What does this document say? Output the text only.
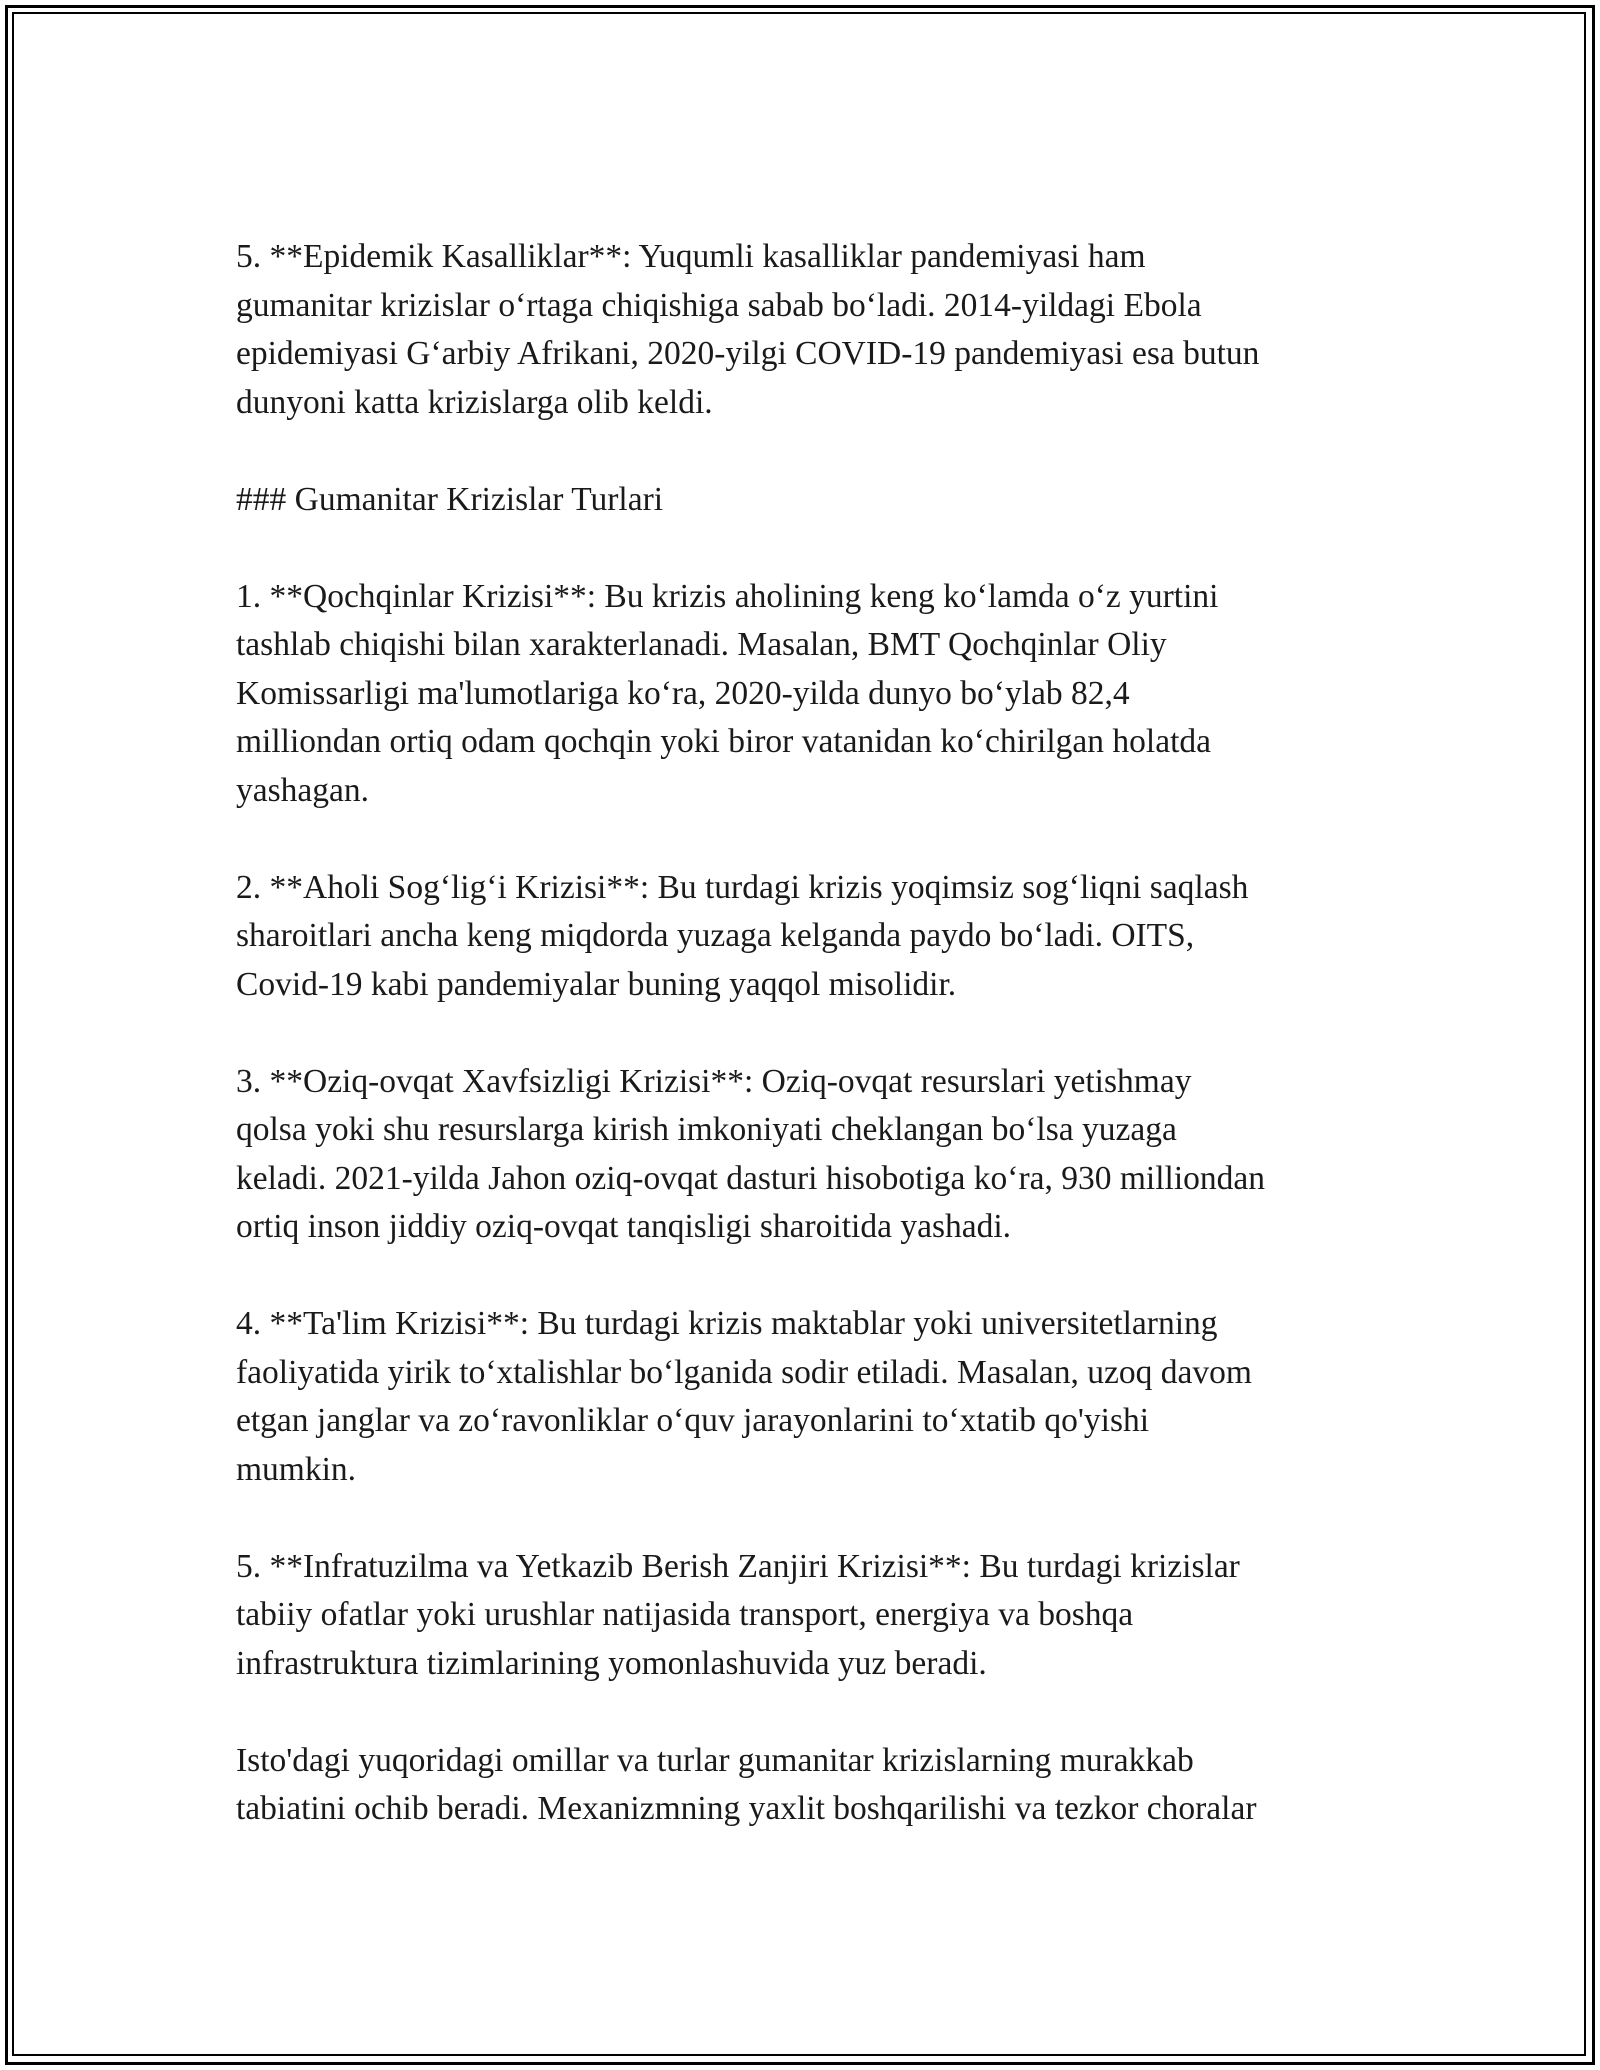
5. **Epidemik Kasalliklar**: Yuqumli kasalliklar pandemiyasi ham
gumanitar krizislar o‘rtaga chiqishiga sabab bo‘ladi. 2014-yildagi Ebola
epidemiyasi G‘arbiy Afrikani, 2020-yilgi COVID-19 pandemiyasi esa butun
dunyoni katta krizislarga olib keldi.

### Gumanitar Krizislar Turlari

1. **Qochqinlar Krizisi**: Bu krizis aholining keng ko‘lamda o‘z yurtini
tashlab chiqishi bilan xarakterlanadi. Masalan, BMT Qochqinlar Oliy
Komissarligi ma'lumotlariga ko‘ra, 2020-yilda dunyo bo‘ylab 82,4
milliondan ortiq odam qochqin yoki biror vatanidan ko‘chirilgan holatda
yashagan.

2. **Aholi Sog‘lig‘i Krizisi**: Bu turdagi krizis yoqimsiz sog‘liqni saqlash
sharoitlari ancha keng miqdorda yuzaga kelganda paydo bo‘ladi. OITS,
Covid-19 kabi pandemiyalar buning yaqqol misolidir.

3. **Oziq-ovqat Xavfsizligi Krizisi**: Oziq-ovqat resurslari yetishmay
qolsa yoki shu resurslarga kirish imkoniyati cheklangan bo‘lsa yuzaga
keladi. 2021-yilda Jahon oziq-ovqat dasturi hisobotiga ko‘ra, 930 milliondan
ortiq inson jiddiy oziq-ovqat tanqisligi sharoitida yashadi.

4. **Ta'lim Krizisi**: Bu turdagi krizis maktablar yoki universitetlarning
faoliyatida yirik to‘xtalishlar bo‘lganida sodir etiladi. Masalan, uzoq davom
etgan janglar va zo‘ravonliklar o‘quv jarayonlarini to‘xtatib qo'yishi
mumkin.

5. **Infratuzilma va Yetkazib Berish Zanjiri Krizisi**: Bu turdagi krizislar
tabiiy ofatlar yoki urushlar natijasida transport, energiya va boshqa
infrastruktura tizimlarining yomonlashuvida yuz beradi.

Isto'dagi yuqoridagi omillar va turlar gumanitar krizislarning murakkab
tabiatini ochib beradi. Mexanizmning yaxlit boshqarilishi va tezkor choralar
